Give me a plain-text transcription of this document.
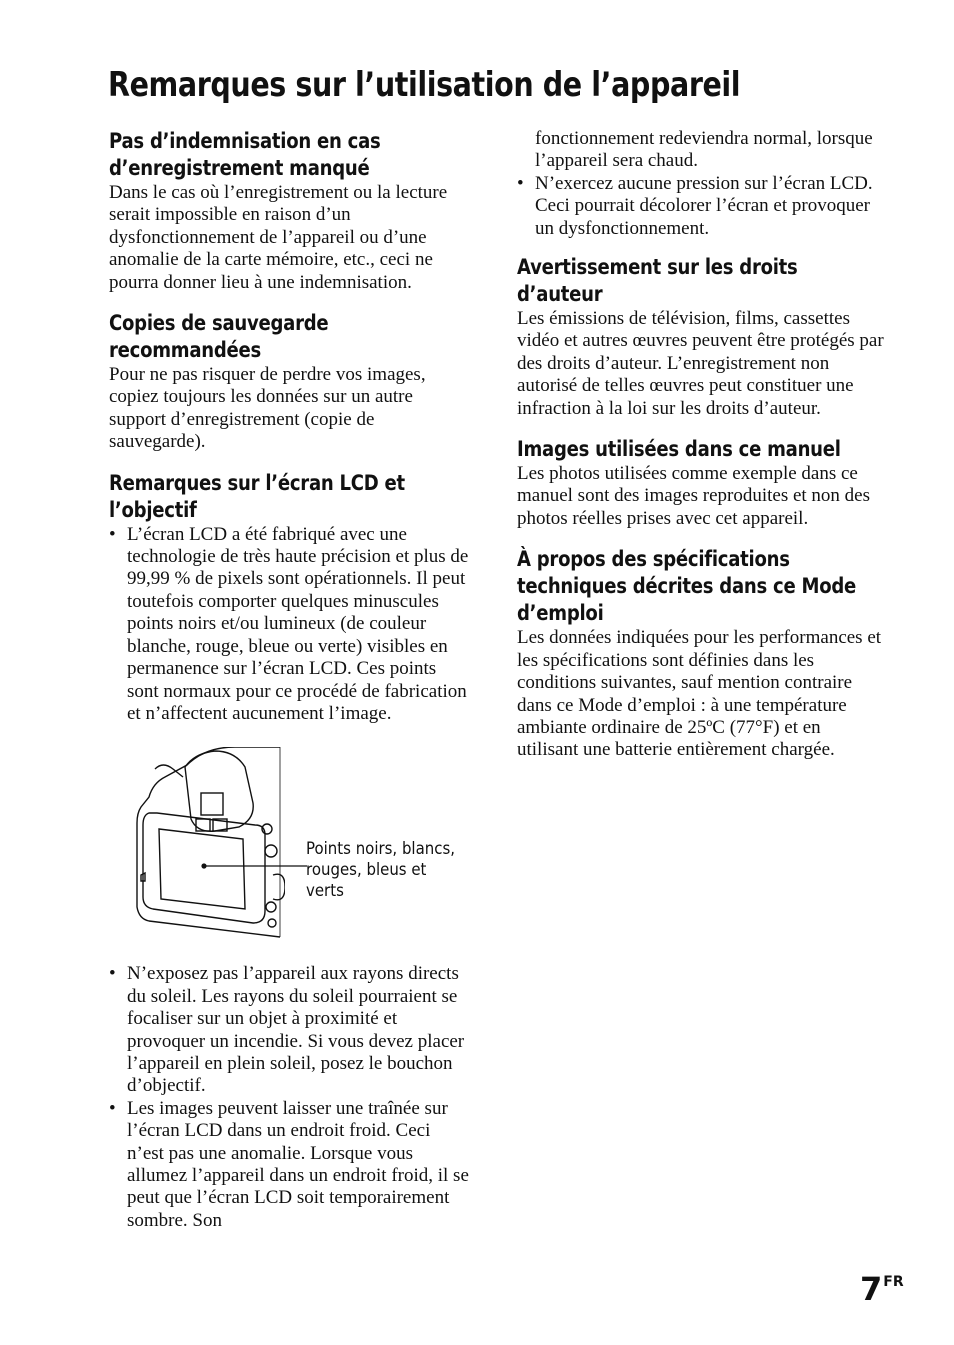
Remarques sur l’utilisation de l’appareil
Pas d’indemnisation en cas d’enregistrement manqué

Dans le cas où l’enregistrement ou la lecture serait impossible en raison d’un dysfonctionnement de l’appareil ou d’une anomalie de la carte mémoire, etc., ceci ne pourra donner lieu à une indemnisation.

Copies de sauvegarde recommandées

Pour ne pas risquer de perdre vos images, copiez toujours les données sur un autre support d’enregistrement (copie de sauvegarde).

Remarques sur l’écran LCD et l’objectif
• L’écran LCD a été fabriqué avec une technologie de très haute précision et plus de 99,99 % de pixels sont opérationnels. Il peut toutefois comporter quelques minuscules points noirs et/ou lumineux (de couleur blanche, rouge, bleue ou verte) visibles en permanence sur l’écran LCD. Ces points sont normaux pour ce procédé de fabrication et n’affectent aucunement l’image.
Points noirs, blancs, rouges, bleus et verts
• N’exposez pas l’appareil aux rayons directs du soleil. Les rayons du soleil pourraient se focaliser sur un objet à proximité et provoquer un incendie. Si vous devez placer l’appareil en plein soleil, posez le bouchon d’objectif.
• Les images peuvent laisser une traînée sur l’écran LCD dans un endroit froid. Ceci n’est pas une anomalie. Lorsque vous allumez l’appareil dans un endroit froid, il se peut que l’écran LCD soit temporairement sombre. Son
fonctionnement redeviendra normal, lorsque l’appareil sera chaud.
• N’exercez aucune pression sur l’écran LCD. Ceci pourrait décolorer l’écran et provoquer un dysfonctionnement.
Avertissement sur les droits d’auteur

Les émissions de télévision, films, cassettes vidéo et autres œuvres peuvent être protégés par des droits d’auteur. L’enregistrement non autorisé de telles œuvres peut constituer une infraction à la loi sur les droits d’auteur.

Images utilisées dans ce manuel

Les photos utilisées comme exemple dans ce manuel sont des images reproduites et non des photos réelles prises avec cet appareil.

À propos des spécifications techniques décrites dans ce Mode d’emploi

Les données indiquées pour les performances et les spécifications sont définies dans les conditions suivantes, sauf mention contraire dans ce Mode d’emploi : à une température ambiante ordinaire de 25ºC (77°F) et en utilisant une batterie entièrement chargée.

$7^{FR}$
